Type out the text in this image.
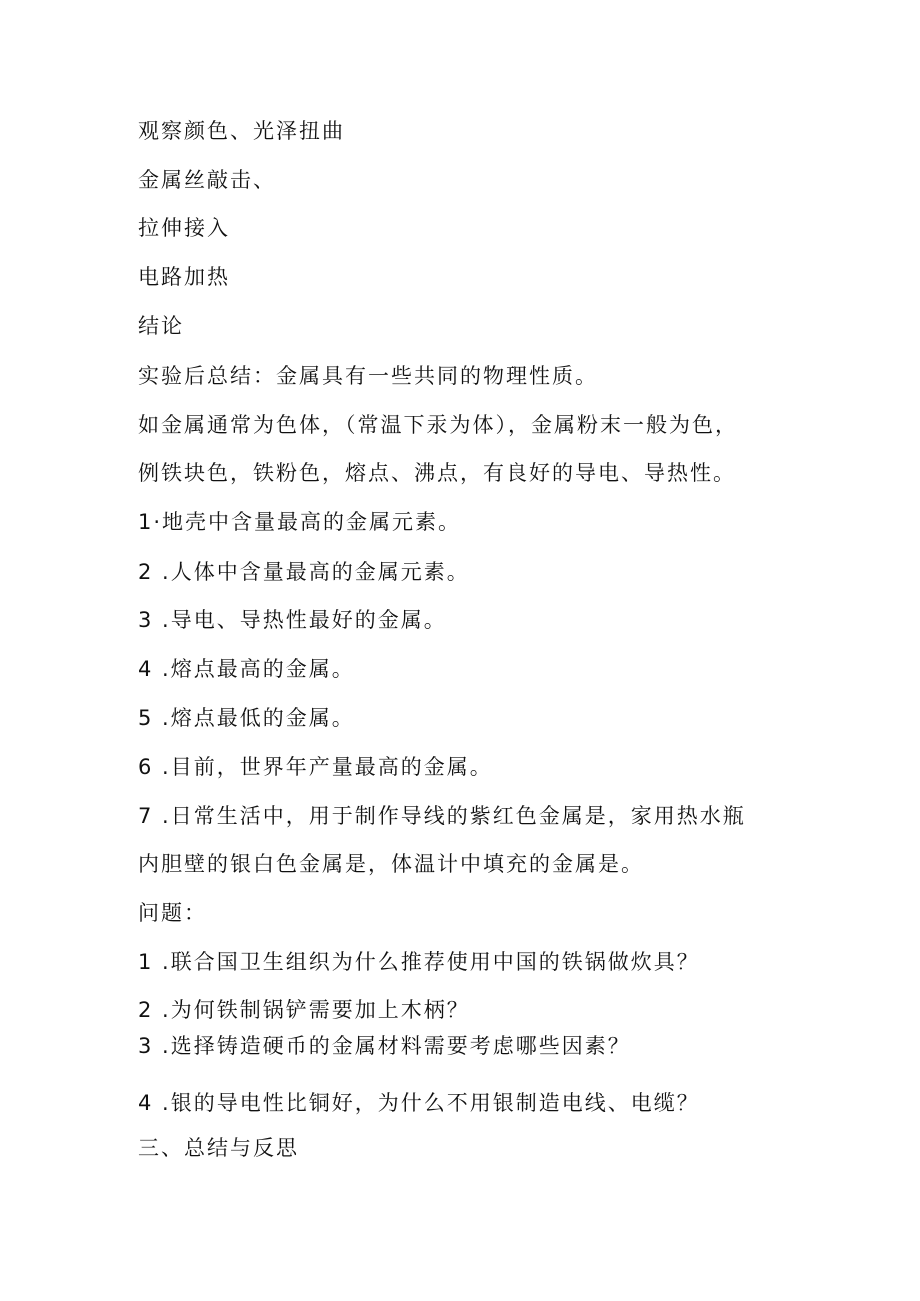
观察颜色、光泽扭曲
金属丝敲击、
拉伸接入
电路加热
结论
实验后总结：金属具有一些共同的物理性质。
如金属通常为色体，（常温下汞为体），金属粉末一般为色，
例铁块色，铁粉色，熔点、沸点，有良好的导电、导热性。
1·地壳中含量最高的金属元素。
2 .人体中含量最高的金属元素。
3 .导电、导热性最好的金属。
4 .熔点最高的金属。
5 .熔点最低的金属。
6 .目前，世界年产量最高的金属。
7 .日常生活中，用于制作导线的紫红色金属是，家用热水瓶
内胆壁的银白色金属是，体温计中填充的金属是。
问题：
1 .联合国卫生组织为什么推荐使用中国的铁锅做炊具？
2 .为何铁制锅铲需要加上木柄？
3 .选择铸造硬币的金属材料需要考虑哪些因素？
4 .银的导电性比铜好，为什么不用银制造电线、电缆？
三、总结与反思
